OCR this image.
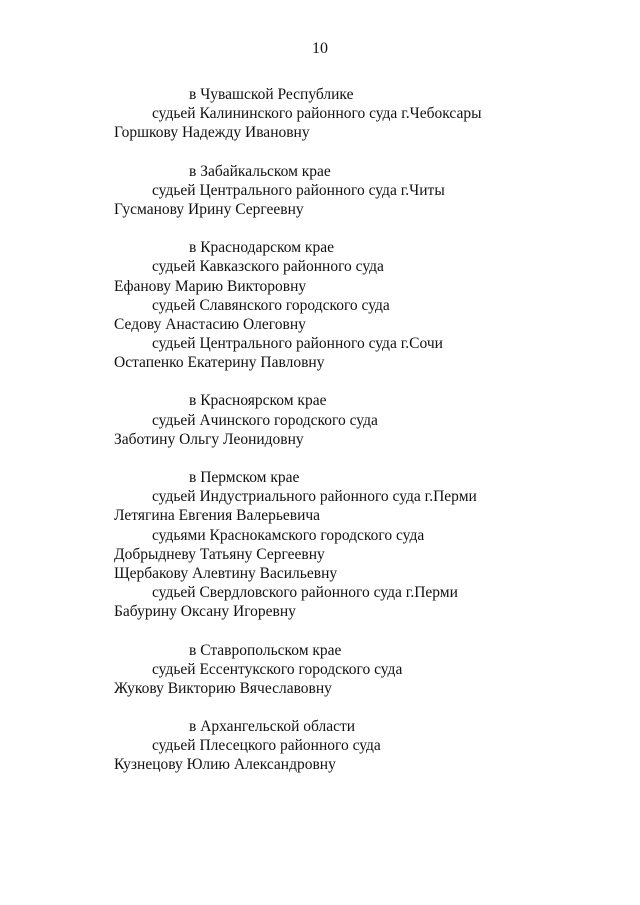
10
в Чувашской Республике
судьей Калининского районного суда г.Чебоксары
Горшкову Надежду Ивановну
в Забайкальском крае
судьей Центрального районного суда г.Читы
Гусманову Ирину Сергеевну
в Краснодарском крае
судьей Кавказского районного суда
Ефанову Марию Викторовну
судьей Славянского городского суда
Седову Анастасию Олеговну
судьей Центрального районного суда г.Сочи
Остапенко Екатерину Павловну
в Красноярском крае
судьей Ачинского городского суда
Заботину Ольгу Леонидовну
в Пермском крае
судьей Индустриального районного суда г.Перми
Летягина Евгения Валерьевича
судьями Краснокамского городского суда
Добрыдневу Татьяну Сергеевну
Щербакову Алевтину Васильевну
судьей Свердловского районного суда г.Перми
Бабурину Оксану Игоревну
в Ставропольском крае
судьей Ессентукского городского суда
Жукову Викторию Вячеславовну
в Архангельской области
судьей Плесецкого районного суда
Кузнецову Юлию Александровну
